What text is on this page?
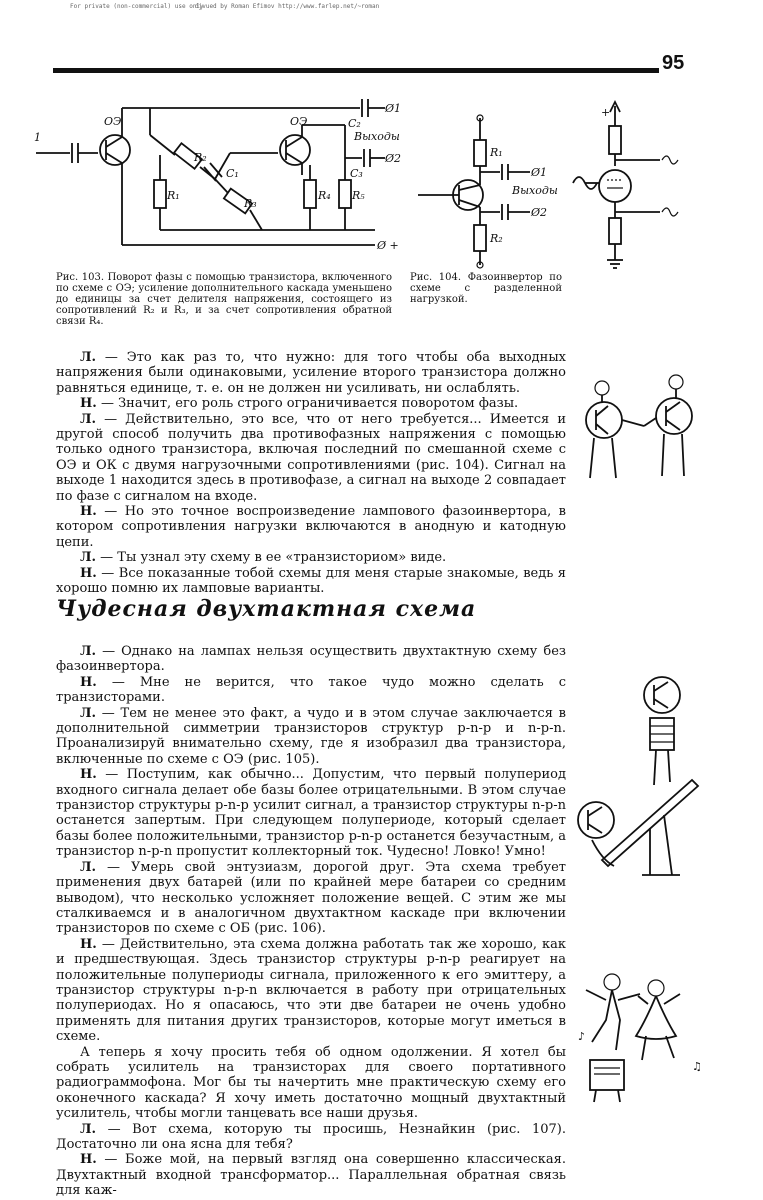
For private (non-commercial) use only
djvued by Roman Efimov http://www.farlep.net/~roman
95
1
ОЭ	ОЭ
R₂
C₁
R₁
R₃
R₄ R₅
C₂
C₃
Ø1
Ø2
Выходы
Ø +
Рис. 103. Поворот фазы с помощью транзистора, включенного по схеме с ОЭ; усиление дополнительного каскада уменьшено до единицы за счет делителя напряжения, состоящего из сопротивлений R₂ и R₃, и за счет сопротивления обратной связи R₄.
R₁
R₂
Ø1
Ø2
Выходы
Рис. 104. Фазоинвертор по схеме с разделенной нагрузкой.
+

Л. — Это как раз то, что нужно: для того чтобы оба выходных напряжения были одинаковыми, усиление второго транзистора должно равняться единице, т. е. он не должен ни усиливать, ни ослаблять.

Н. — Значит, его роль строго ограничивается поворотом фазы.

Л. — Действительно, это все, что от него требуется... Имеется и другой способ получить два противофазных напряжения с помощью только одного транзистора, включая последний по смешанной схеме с ОЭ и ОК с двумя нагрузочными сопротивлениями (рис. 104). Сигнал на выходе 1 находится здесь в противофазе, а сигнал на выходе 2 совпадает по фазе с сигналом на входе.

Н. — Но это точное воспроизведение лампового фазоинвертора, в котором сопротивления нагрузки включаются в анодную и катодную цепи.

Л. — Ты узнал эту схему в ее «транзисториом» виде.

Н. — Все показанные тобой схемы для меня старые знакомые, ведь я хорошо помню их ламповые варианты.

Чудесная двухтактная схема

Л. — Однако на лампах нельзя осуществить двухтактную схему без фазоинвертора.

Н. — Мне не верится, что такое чудо можно сделать с транзисторами.

Л. — Тем не менее это факт, а чудо и в этом случае заключается в дополнительной симметрии транзисторов структур p-n-p и n-p-n. Проанализируй внимательно схему, где я изобразил два транзистора, включенные по схеме с ОЭ (рис. 105).

Н. — Поступим, как обычно... Допустим, что первый полупериод входного сигнала делает обе базы более отрицательными. В этом случае транзистор структуры p-n-p усилит сигнал, а транзистор структуры n-p-n останется запертым. При следующем полупериоде, который сделает базы более положительными, транзистор p-n-p останется безучастным, а транзистор n-p-n пропустит коллекторный ток. Чудесно! Ловко! Умно!

Л. — Умерь свой энтузиазм, дорогой друг. Эта схема требует применения двух батарей (или по крайней мере батареи со средним выводом), что несколько усложняет положение вещей. С этим же мы сталкиваемся и в аналогичном двухтактном каскаде при включении транзисторов по схеме с ОБ (рис. 106).

Н. — Действительно, эта схема должна работать так же хорошо, как и предшествующая. Здесь транзистор структуры p-n-p реагирует на положительные полупериоды сигнала, приложенного к его эмиттеру, а транзистор структуры n-p-n включается в работу при отрицательных полупериодах. Но я опасаюсь, что эти две батареи не очень удобно применять для питания других транзисторов, которые могут иметься в схеме.

А теперь я хочу просить тебя об одном одолжении. Я хотел бы собрать усилитель на транзисторах для своего портативного радиограммофона. Мог бы ты начертить мне практическую схему его оконечного каскада? Я хочу иметь достаточно мощный двухтактный усилитель, чтобы могли танцевать все наши друзья.

Л. — Вот схема, которую ты просишь, Незнайкин (рис. 107). Достаточно ли она ясна для тебя?

Н. — Боже мой, на первый взгляд она совершенно классическая. Двухтактный входной трансформатор... Параллельная обратная связь для каж-

♪
♫
